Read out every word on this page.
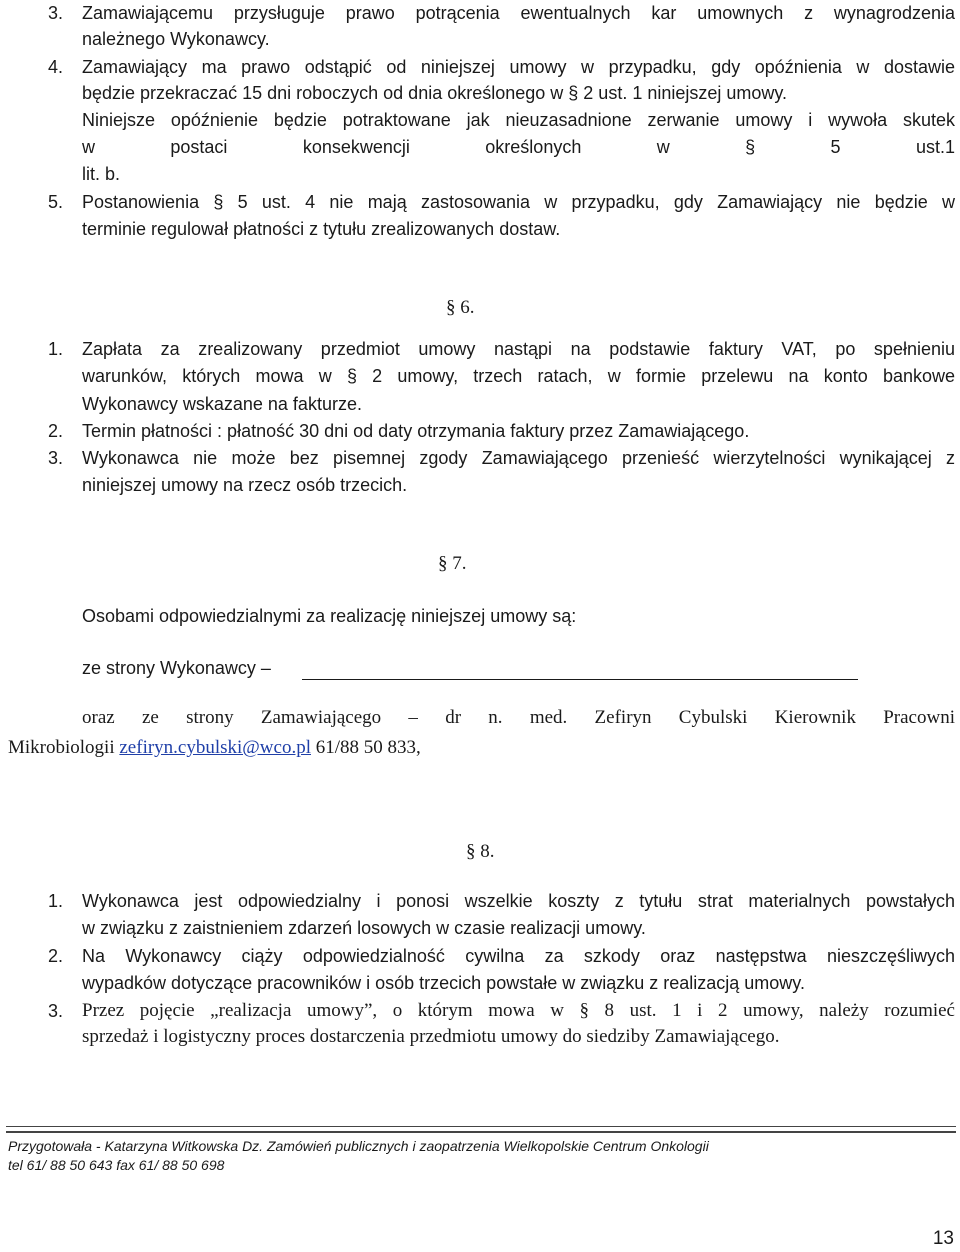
3. Zamawiającemu przysługuje prawo potrącenia ewentualnych kar umownych z wynagrodzenia
należnego Wykonawcy.
4. Zamawiający ma prawo odstąpić od niniejszej umowy w przypadku, gdy opóźnienia w dostawie
będzie przekraczać 15 dni roboczych od dnia określonego w § 2 ust. 1 niniejszej umowy.
Niniejsze opóźnienie będzie potraktowane jak nieuzasadnione zerwanie umowy i wywoła skutek
w postaci konsekwencji określonych w § 5 ust.1
lit. b.
5. Postanowienia § 5 ust. 4 nie mają zastosowania w przypadku, gdy Zamawiający nie będzie w
terminie regulował płatności z tytułu zrealizowanych dostaw.
§ 6.
1. Zapłata za zrealizowany przedmiot umowy nastąpi na podstawie faktury VAT, po spełnieniu
warunków, których mowa w § 2 umowy, trzech ratach, w formie przelewu na konto bankowe
Wykonawcy wskazane na fakturze.
2. Termin płatności : płatność 30 dni od daty otrzymania faktury przez Zamawiającego.
3. Wykonawca nie może bez pisemnej zgody Zamawiającego przenieść wierzytelności wynikającej z
niniejszej umowy na rzecz osób trzecich.
§ 7.
Osobami odpowiedzialnymi za realizację niniejszej umowy są:
ze strony Wykonawcy –
oraz ze strony Zamawiającego – dr n. med. Zefiryn Cybulski Kierownik Pracowni
Mikrobiologii zefiryn.cybulski@wco.pl 61/88 50 833,
§ 8.
1. Wykonawca jest odpowiedzialny i ponosi wszelkie koszty z tytułu strat materialnych powstałych
w związku z zaistnieniem zdarzeń losowych w czasie realizacji umowy.
2. Na Wykonawcy ciąży odpowiedzialność cywilna za szkody oraz następstwa nieszczęśliwych
wypadków dotyczące pracowników i osób trzecich powstałe w związku z realizacją umowy.
3. Przez pojęcie „realizacja umowy”, o którym mowa w § 8 ust. 1 i 2 umowy, należy rozumieć
sprzedaż i logistyczny proces dostarczenia przedmiotu umowy do siedziby Zamawiającego.
Przygotowała - Katarzyna Witkowska Dz. Zamówień publicznych i zaopatrzenia Wielkopolskie Centrum Onkologii
tel 61/ 88 50 643 fax 61/ 88 50 698
13
